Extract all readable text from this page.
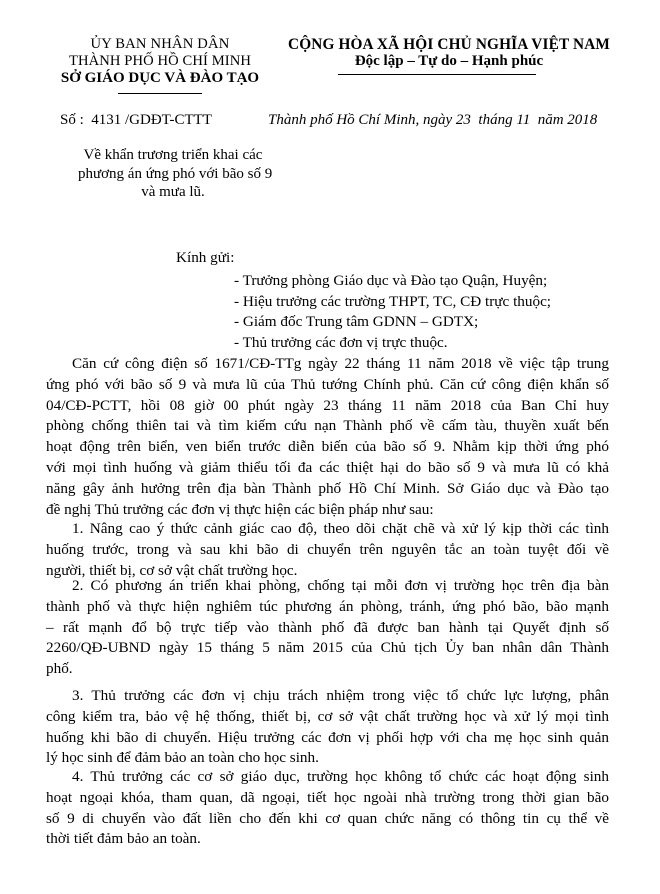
ỦY BAN NHÂN DÂN
THÀNH PHỐ HỒ CHÍ MINH
SỞ GIÁO DỤC VÀ ĐÀO TẠO
CỘNG HÒA XÃ HỘI CHỦ NGHĨA VIỆT NAM
Độc lập – Tự do – Hạnh phúc
Số :  4131 /GDĐT-CTTT	Thành phố Hồ Chí Minh, ngày 23  tháng 11  năm 2018
Về khẩn trương triển khai các
phương án ứng phó với bão số 9
và mưa lũ.
Kính gửi:
- Trưởng phòng Giáo dục và Đào tạo Quận, Huyện;
- Hiệu trưởng các trường THPT, TC, CĐ trực thuộc;
- Giám đốc Trung tâm GDNN – GDTX;
- Thủ trưởng các đơn vị trực thuộc.
Căn cứ công điện số 1671/CĐ-TTg ngày 22 tháng 11 năm 2018 về việc tập trung
ứng phó với bão số 9 và mưa lũ của Thủ tướng Chính phủ. Căn cứ công điện khẩn số
04/CĐ-PCTT, hồi 08 giờ 00 phút ngày 23 tháng 11 năm 2018 của Ban Chỉ huy
phòng chống thiên tai và tìm kiếm cứu nạn Thành phố về cấm tàu, thuyền xuất bến
hoạt động trên biển, ven biển trước diễn biến của bão số 9. Nhằm kịp thời ứng phó
với mọi tình huống và giảm thiểu tối đa các thiệt hại do bão số 9 và mưa lũ có khả
năng gây ảnh hưởng trên địa bàn Thành phố Hồ Chí Minh. Sở Giáo dục và Đào tạo
đề nghị Thủ trưởng các đơn vị thực hiện các biện pháp như sau:
1. Nâng cao ý thức cảnh giác cao độ, theo dõi chặt chẽ và xử lý kịp thời các tình
huống trước, trong và sau khi bão di chuyển trên nguyên tắc an toàn tuyệt đối về
người, thiết bị, cơ sở vật chất trường học.
2. Có phương án triển khai phòng, chống tại mỗi đơn vị trường học trên địa bàn
thành phố và thực hiện nghiêm túc phương án phòng, tránh, ứng phó bão, bão mạnh
– rất mạnh đổ bộ trực tiếp vào thành phố đã được ban hành tại Quyết định số
2260/QĐ-UBND ngày 15 tháng 5 năm 2015 của Chủ tịch Ủy ban nhân dân Thành
phố.
3. Thủ trưởng các đơn vị chịu trách nhiệm trong việc tổ chức lực lượng, phân
công kiểm tra, bảo vệ hệ thống, thiết bị, cơ sở vật chất trường học và xử lý mọi tình
huống khi bão di chuyển. Hiệu trưởng các đơn vị phối hợp với cha mẹ học sinh quản
lý học sinh để đảm bảo an toàn cho học sinh.
4. Thủ trưởng các cơ sở giáo dục, trường học không tổ chức các hoạt động sinh
hoạt ngoại khóa, tham quan, dã ngoại, tiết học ngoài nhà trường trong thời gian bão
số 9 di chuyển vào đất liền cho đến khi cơ quan chức năng có thông tin cụ thể về
thời tiết đảm bảo an toàn.
